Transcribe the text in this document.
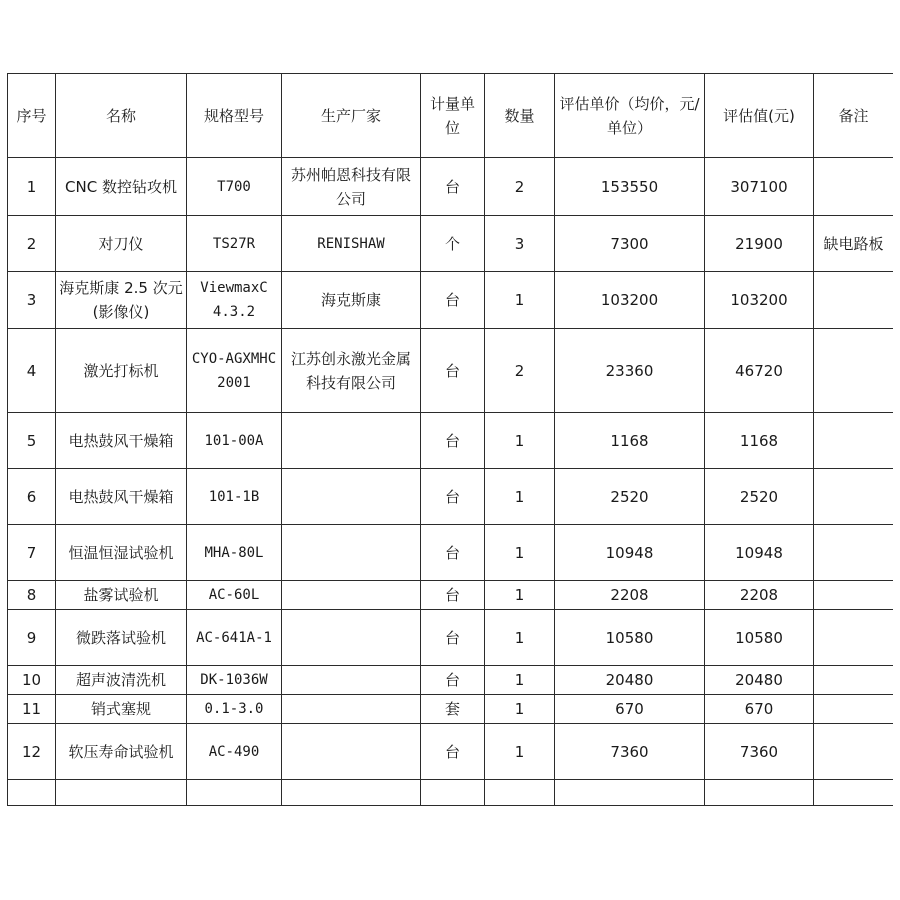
序号	名称	规格型号	生产厂家	计量单位	数量	评估单价（均价，元/单位）	评估值(元)	备注
1	CNC 数控钻攻机	T700	苏州帕恩科技有限公司	台	2	153550	307100	
2	对刀仪	TS27R	RENISHAW	个	3	7300	21900	缺电路板
3	海克斯康 2.5 次元(影像仪)	ViewmaxC 4.3.2	海克斯康	台	1	103200	103200	
4	激光打标机	CYO-AGXMHC2001	江苏创永激光金属科技有限公司	台	2	23360	46720	
5	电热鼓风干燥箱	101-00A		台	1	1168	1168	
6	电热鼓风干燥箱	101-1B		台	1	2520	2520	
7	恒温恒湿试验机	MHA-80L		台	1	10948	10948	
8	盐雾试验机	AC-60L		台	1	2208	2208	
9	微跌落试验机	AC-641A-1		台	1	10580	10580	
10	超声波清洗机	DK-1036W		台	1	20480	20480	
11	销式塞规	0.1-3.0		套	1	670	670	
12	软压寿命试验机	AC-490		台	1	7360	7360	
